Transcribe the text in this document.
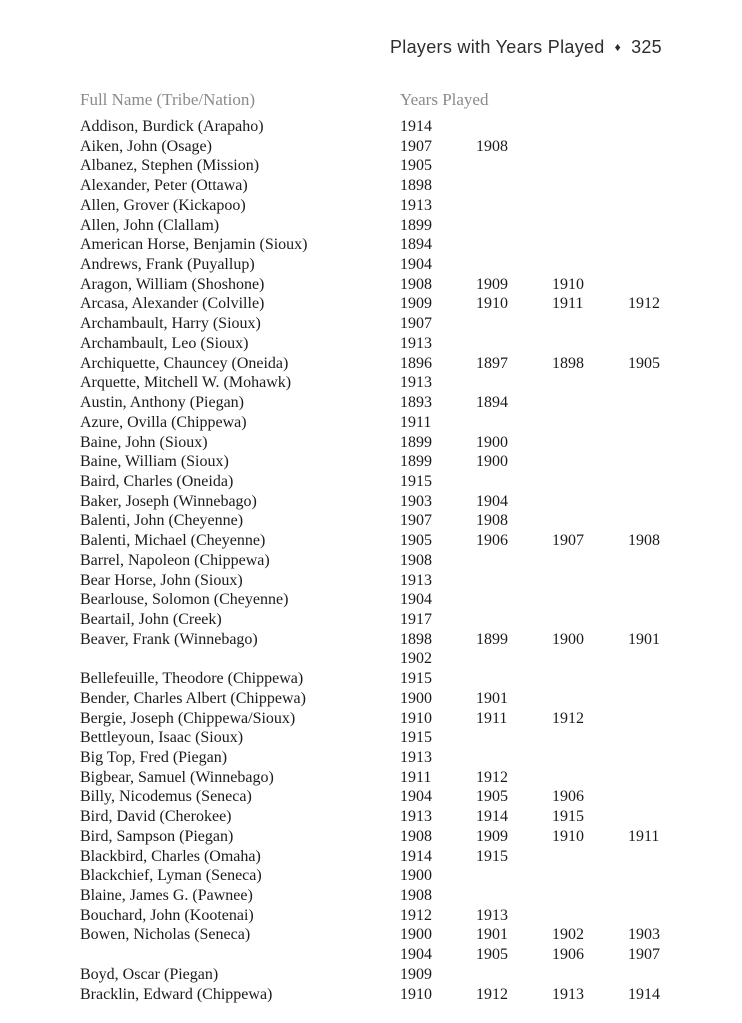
Players with Years Played ♦ 325
Full Name (Tribe/Nation)	Years Played
Addison, Burdick (Arapaho)	1914
Aiken, John (Osage)	1907	1908
Albanez, Stephen (Mission)	1905
Alexander, Peter (Ottawa)	1898
Allen, Grover (Kickapoo)	1913
Allen, John (Clallam)	1899
American Horse, Benjamin (Sioux)	1894
Andrews, Frank (Puyallup)	1904
Aragon, William (Shoshone)	1908	1909	1910
Arcasa, Alexander (Colville)	1909	1910	1911	1912
Archambault, Harry (Sioux)	1907
Archambault, Leo (Sioux)	1913
Archiquette, Chauncey (Oneida)	1896	1897	1898	1905
Arquette, Mitchell W. (Mohawk)	1913
Austin, Anthony (Piegan)	1893	1894
Azure, Ovilla (Chippewa)	1911
Baine, John (Sioux)	1899	1900
Baine, William (Sioux)	1899	1900
Baird, Charles (Oneida)	1915
Baker, Joseph (Winnebago)	1903	1904
Balenti, John (Cheyenne)	1907	1908
Balenti, Michael (Cheyenne)	1905	1906	1907	1908
Barrel, Napoleon (Chippewa)	1908
Bear Horse, John (Sioux)	1913
Bearlouse, Solomon (Cheyenne)	1904
Beartail, John (Creek)	1917
Beaver, Frank (Winnebago)	1898	1899	1900	1901
1902
Bellefeuille, Theodore (Chippewa)	1915
Bender, Charles Albert (Chippewa)	1900	1901
Bergie, Joseph (Chippewa/Sioux)	1910	1911	1912
Bettleyoun, Isaac (Sioux)	1915
Big Top, Fred (Piegan)	1913
Bigbear, Samuel (Winnebago)	1911	1912
Billy, Nicodemus (Seneca)	1904	1905	1906
Bird, David (Cherokee)	1913	1914	1915
Bird, Sampson (Piegan)	1908	1909	1910	1911
Blackbird, Charles (Omaha)	1914	1915
Blackchief, Lyman (Seneca)	1900
Blaine, James G. (Pawnee)	1908
Bouchard, John (Kootenai)	1912	1913
Bowen, Nicholas (Seneca)	1900	1901	1902	1903
1904	1905	1906	1907
Boyd, Oscar (Piegan)	1909
Bracklin, Edward (Chippewa)	1910	1912	1913	1914
